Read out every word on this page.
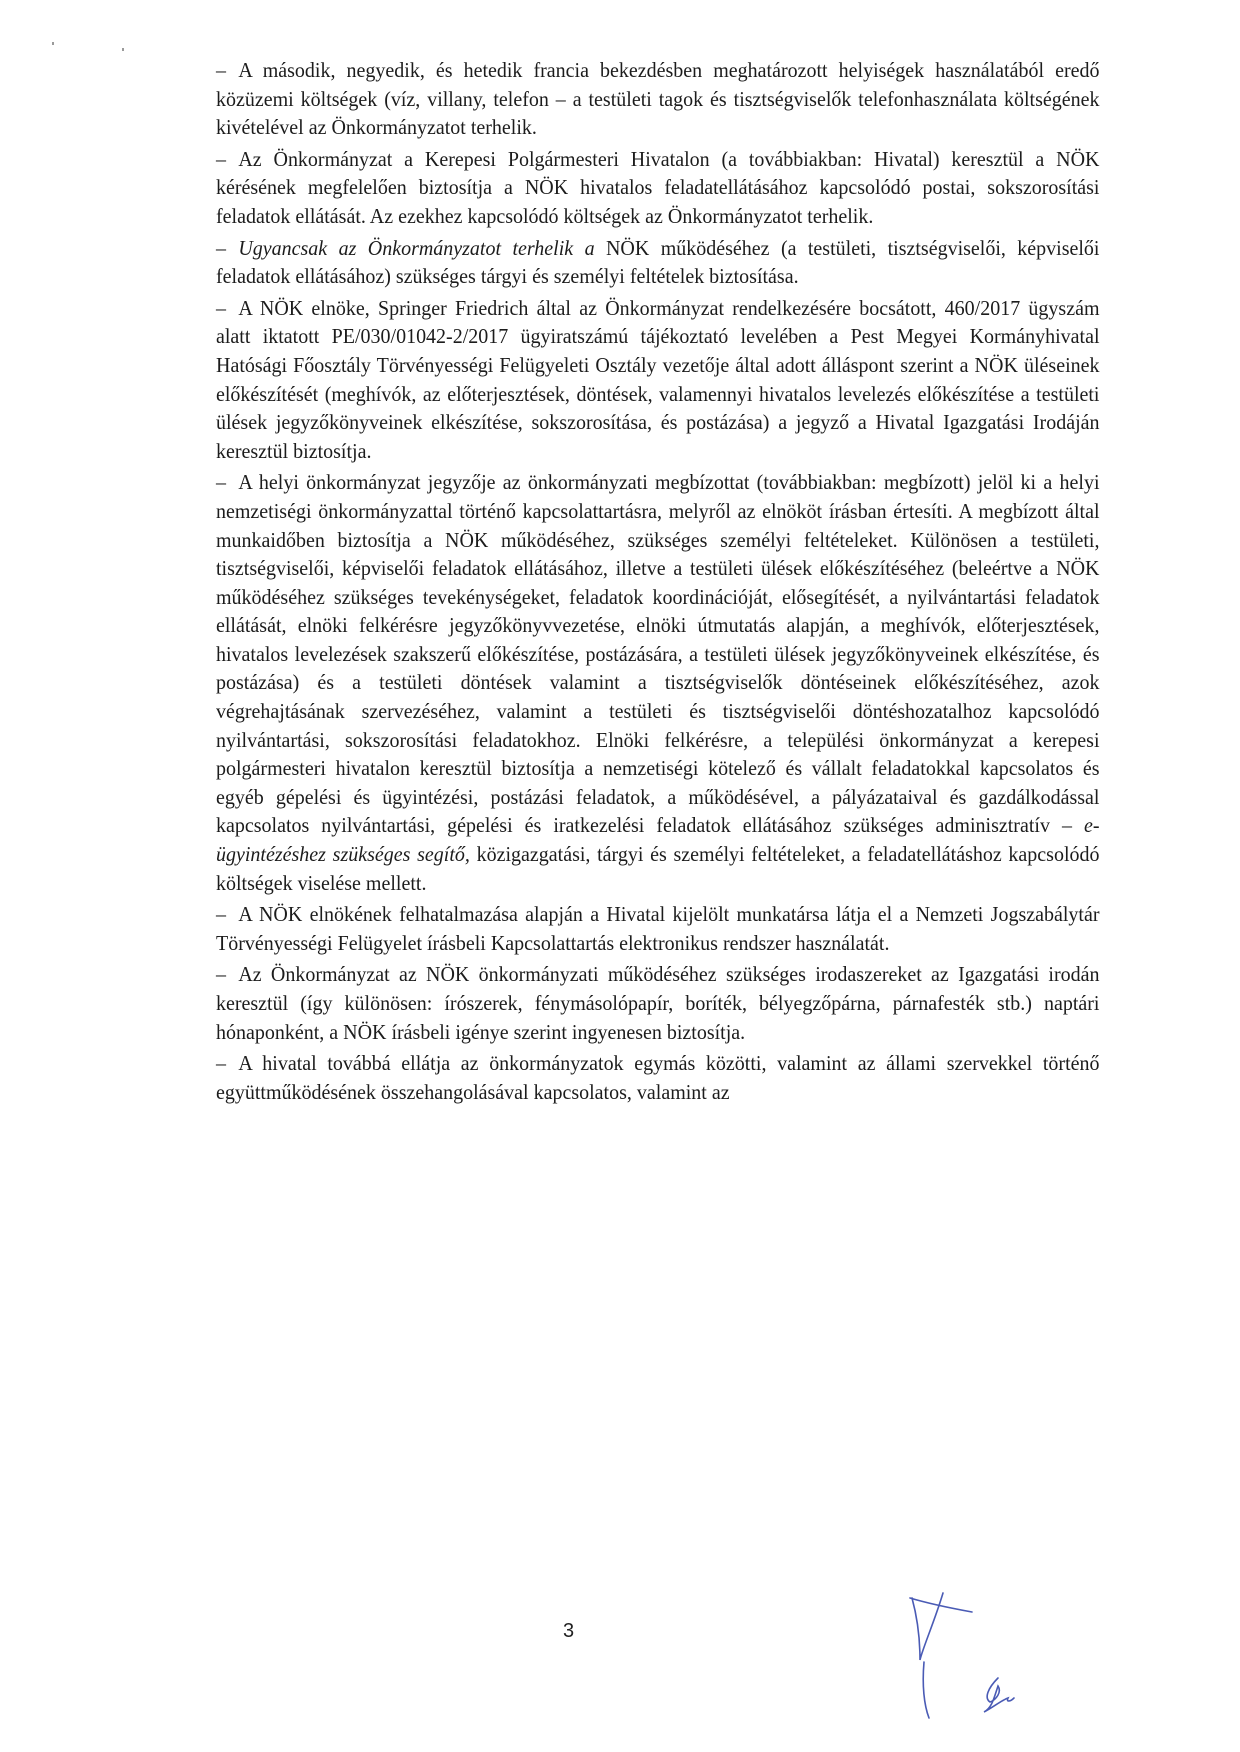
– A második, negyedik, és hetedik francia bekezdésben meghatározott helyiségek használatából eredő közüzemi költségek (víz, villany, telefon – a testületi tagok és tisztségviselők telefonhasználata költségének kivételével az Önkormányzatot terhelik.

– Az Önkormányzat a Kerepesi Polgármesteri Hivatalon (a továbbiakban: Hivatal) keresztül a NÖK kérésének megfelelően biztosítja a NÖK hivatalos feladatellátásához kapcsolódó postai, sokszorosítási feladatok ellátását. Az ezekhez kapcsolódó költségek az Önkormányzatot terhelik.

– Ugyancsak az Önkormányzatot terhelik a NÖK működéséhez (a testületi, tisztségviselői, képviselői feladatok ellátásához) szükséges tárgyi és személyi feltételek biztosítása.

– A NÖK elnöke, Springer Friedrich által az Önkormányzat rendelkezésére bocsátott, 460/2017 ügyszám alatt iktatott PE/030/01042-2/2017 ügyiratszámú tájékoztató levelében a Pest Megyei Kormányhivatal Hatósági Főosztály Törvényességi Felügyeleti Osztály vezetője által adott álláspont szerint a NÖK üléseinek előkészítését (meghívók, az előterjesztések, döntések, valamennyi hivatalos levelezés előkészítése a testületi ülések jegyzőkönyveinek elkészítése, sokszorosítása, és postázása) a jegyző a Hivatal Igazgatási Irodáján keresztül biztosítja.

– A helyi önkormányzat jegyzője az önkormányzati megbízottat (továbbiakban: megbízott) jelöl ki a helyi nemzetiségi önkormányzattal történő kapcsolattartásra, melyről az elnököt írásban értesíti. A megbízott által munkaidőben biztosítja a NÖK működéséhez, szükséges személyi feltételeket. Különösen a testületi, tisztségviselői, képviselői feladatok ellátásához, illetve a testületi ülések előkészítéséhez (beleértve a NÖK működéséhez szükséges tevekénységeket, feladatok koordinációját, elősegítését, a nyilvántartási feladatok ellátását, elnöki felkérésre jegyzőkönyvvezetése, elnöki útmutatás alapján, a meghívók, előterjesztések, hivatalos levelezések szakszerű előkészítése, postázására, a testületi ülések jegyzőkönyveinek elkészítése, és postázása) és a testületi döntések valamint a tisztségviselők döntéseinek előkészítéséhez, azok végrehajtásának szervezéséhez, valamint a testületi és tisztségviselői döntéshozatalhoz kapcsolódó nyilvántartási, sokszorosítási feladatokhoz. Elnöki felkérésre, a települési önkormányzat a kerepesi polgármesteri hivatalon keresztül biztosítja a nemzetiségi kötelező és vállalt feladatokkal kapcsolatos és egyéb gépelési és ügyintézési, postázási feladatok, a működésével, a pályázataival és gazdálkodással kapcsolatos nyilvántartási, gépelési és iratkezelési feladatok ellátásához szükséges adminisztratív – e-ügyintézéshez szükséges segítő, közigazgatási, tárgyi és személyi feltételeket, a feladatellátáshoz kapcsolódó költségek viselése mellett.

– A NÖK elnökének felhatalmazása alapján a Hivatal kijelölt munkatársa látja el a Nemzeti Jogszabálytár Törvényességi Felügyelet írásbeli Kapcsolattartás elektronikus rendszer használatát.

– Az Önkormányzat az NÖK önkormányzati működéséhez szükséges irodaszereket az Igazgatási irodán keresztül (így különösen: írószerek, fénymásolópapír, boríték, bélyegzőpárna, párnafesték stb.) naptári hónaponként, a NÖK írásbeli igénye szerint ingyenesen biztosítja.

– A hivatal továbbá ellátja az önkormányzatok egymás közötti, valamint az állami szervekkel történő együttműködésének összehangolásával kapcsolatos, valamint az

3
